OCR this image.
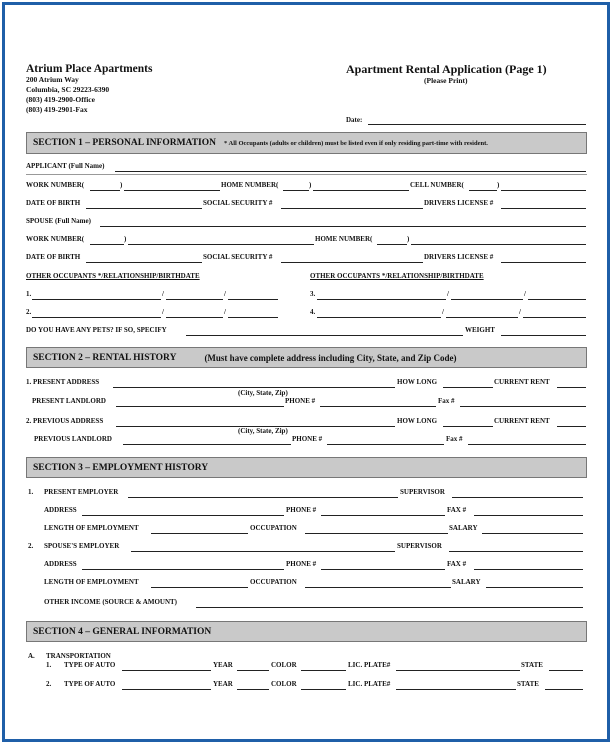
Atrium Place Apartments
200 Atrium Way
Columbia, SC 29223-6390
(803) 419-2900-Office
(803) 419-2901-Fax
Apartment Rental Application (Page 1)
(Please Print)
Date:
SECTION 1 – PERSONAL INFORMATION * All Occupants (adults or children) must be listed even if only residing part-time with resident.
APPLICANT (Full Name)
WORK NUMBER(	)	HOME NUMBER(	)	CELL NUMBER(	)
DATE OF BIRTH	SOCIAL SECURITY #	DRIVERS LICENSE #
SPOUSE (Full Name)
WORK NUMBER(	)	HOME NUMBER(	)
DATE OF BIRTH	SOCIAL SECURITY #	DRIVERS LICENSE #
OTHER OCCUPANTS */RELATIONSHIP/BIRTHDATE	OTHER OCCUPANTS */RELATIONSHIP/BIRTHDATE
1.	/	/	3.	/	/
2.	/	/	4.	/	/
DO YOU HAVE ANY PETS? IF SO, SPECIFY	WEIGHT
SECTION 2 – RENTAL HISTORY	(Must have complete address including City, State, and Zip Code)
1. PRESENT ADDRESS	HOW LONG	CURRENT RENT
(City, State, Zip)
PRESENT LANDLORD	PHONE #	Fax #
2. PREVIOUS ADDRESS	HOW LONG	CURRENT RENT
(City, State, Zip)
PREVIOUS LANDLORD	PHONE #	Fax #
SECTION 3 – EMPLOYMENT HISTORY
1. PRESENT EMPLOYER	SUPERVISOR
ADDRESS	PHONE #	FAX #
LENGTH OF EMPLOYMENT	OCCUPATION	SALARY
2. SPOUSE'S EMPLOYER	SUPERVISOR
ADDRESS	PHONE #	FAX #
LENGTH OF EMPLOYMENT	OCCUPATION	SALARY
OTHER INCOME (SOURCE & AMOUNT)
SECTION 4 – GENERAL INFORMATION
A. TRANSPORTATION
1. TYPE OF AUTO	YEAR	COLOR	LIC. PLATE#	STATE
2. TYPE OF AUTO	YEAR	COLOR	LIC. PLATE#	STATE
